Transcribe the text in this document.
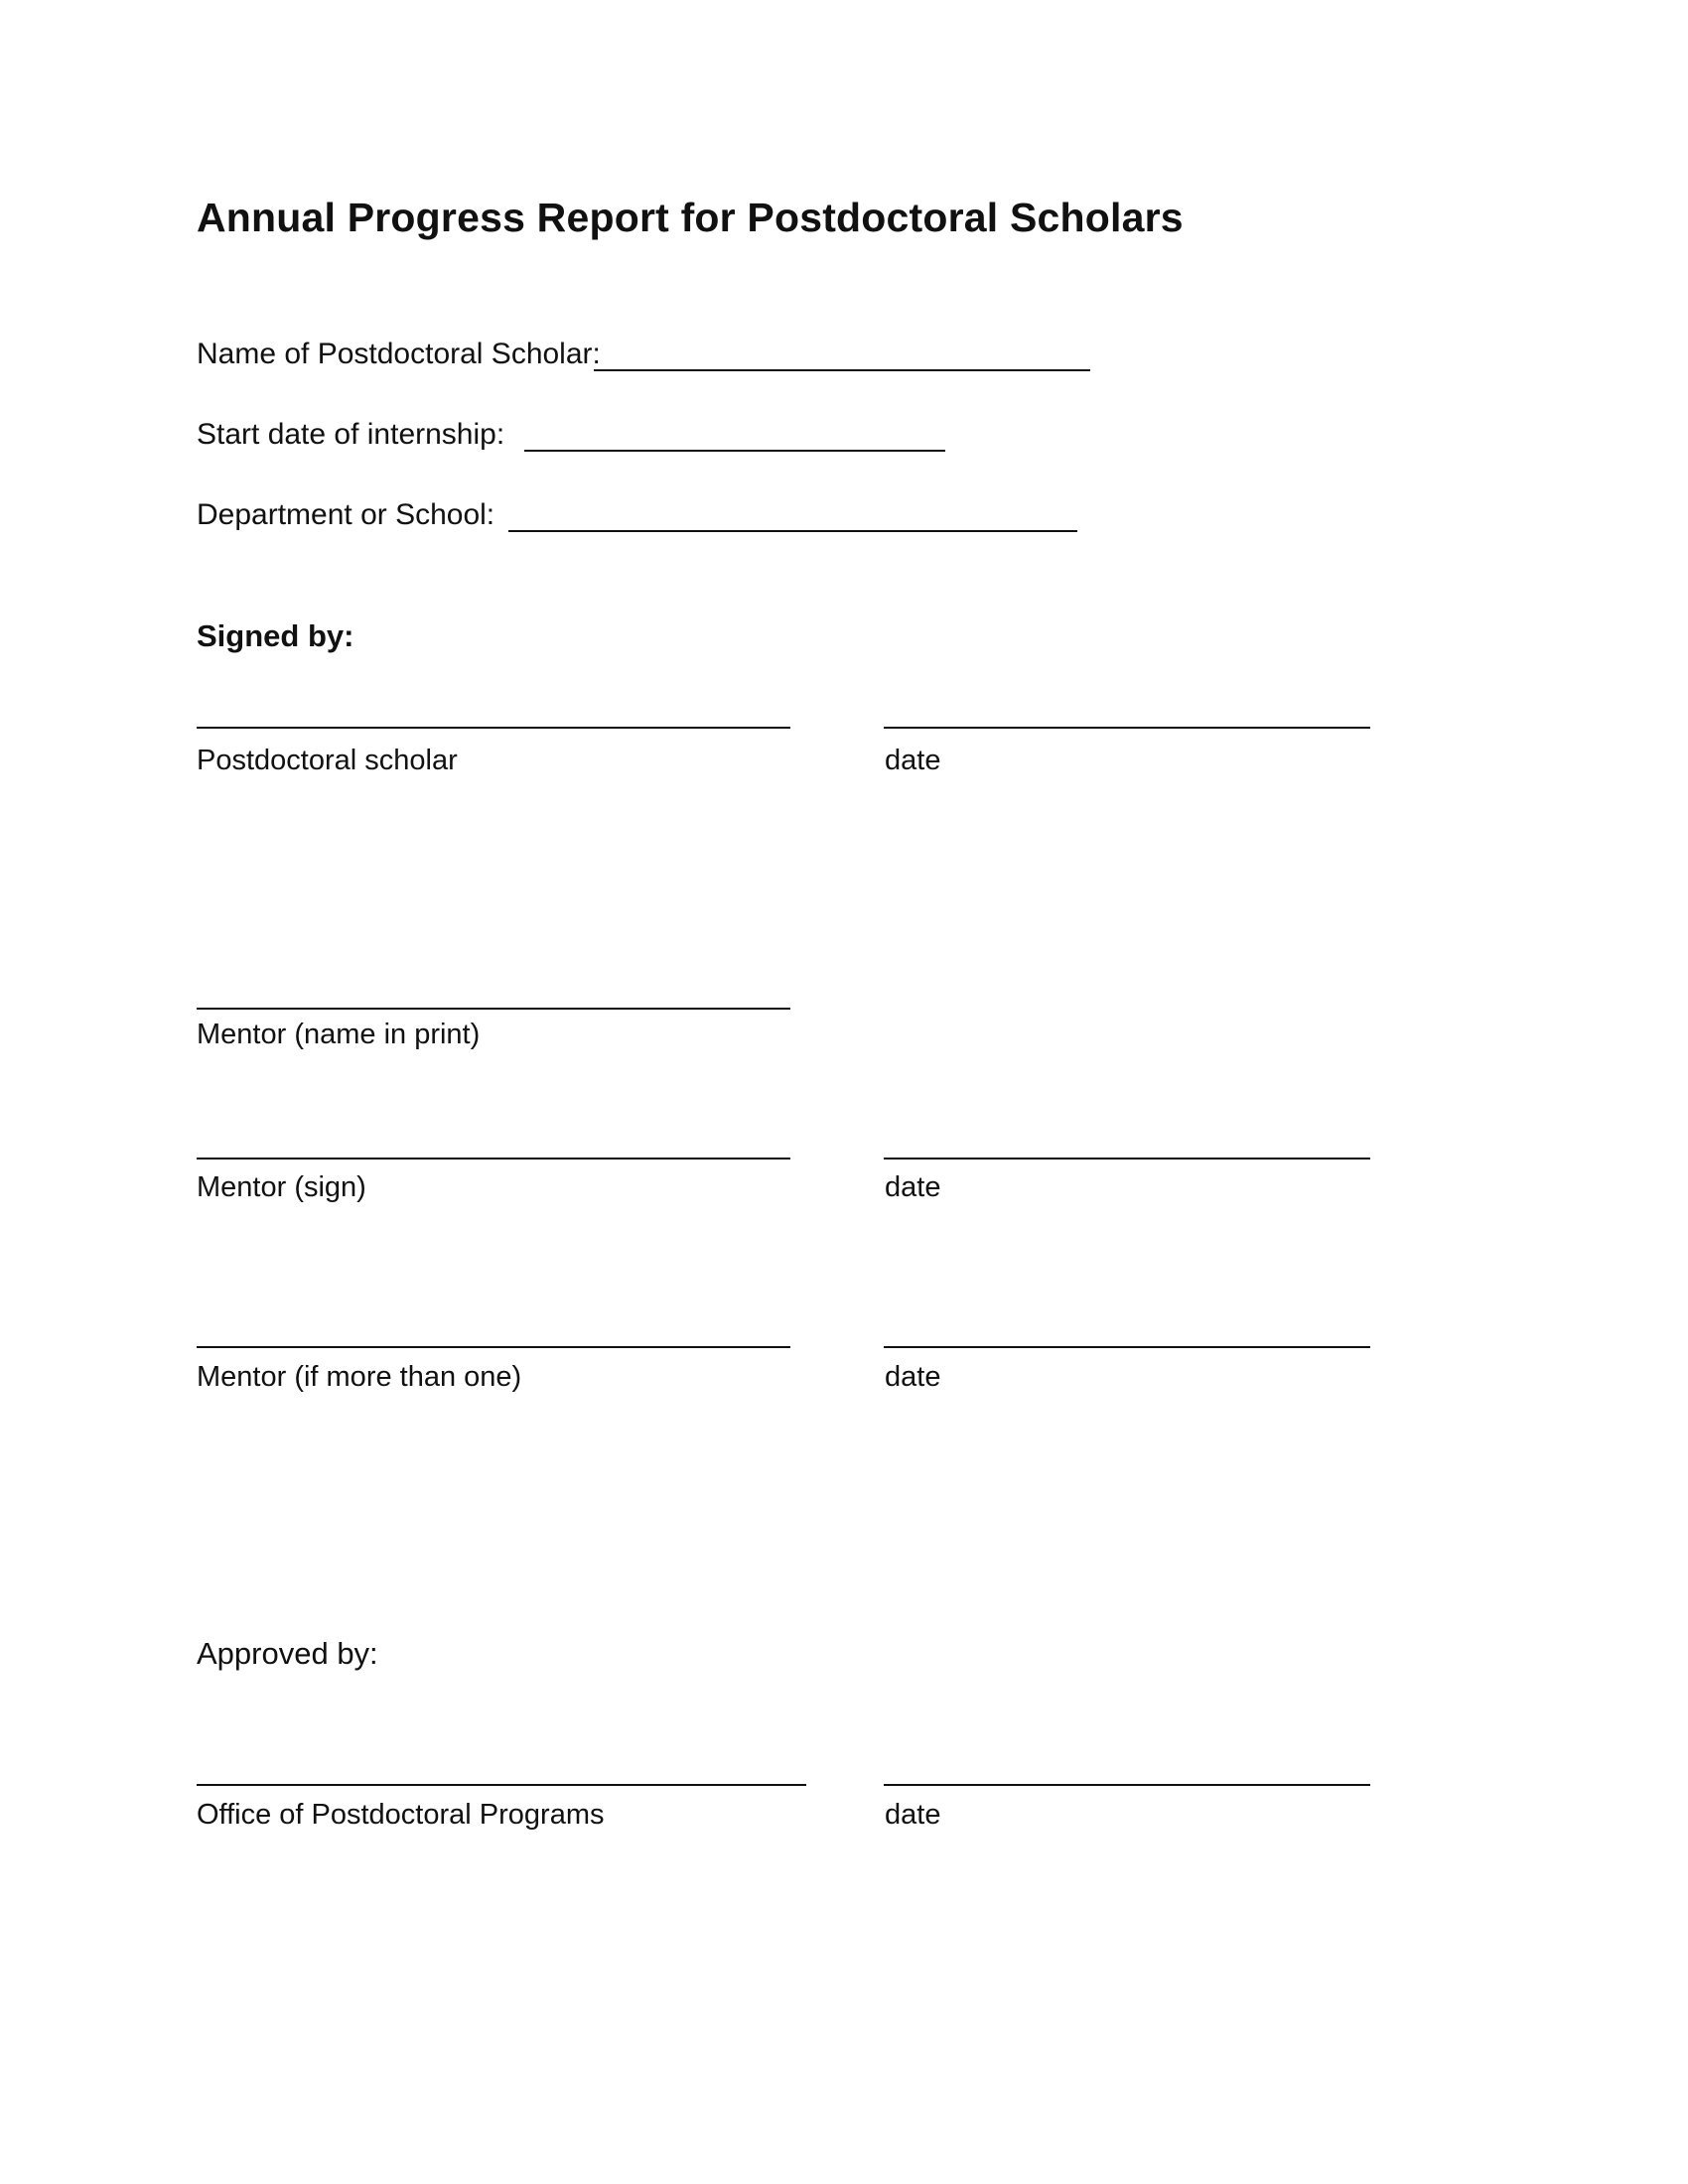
Annual Progress Report for Postdoctoral Scholars
Name of Postdoctoral Scholar:
Start date of internship:
Department or School:
Signed by:
Postdoctoral scholar	date
Mentor (name in print)
Mentor (sign)	date
Mentor (if more than one)	date
Approved by:
Office of Postdoctoral Programs	date
